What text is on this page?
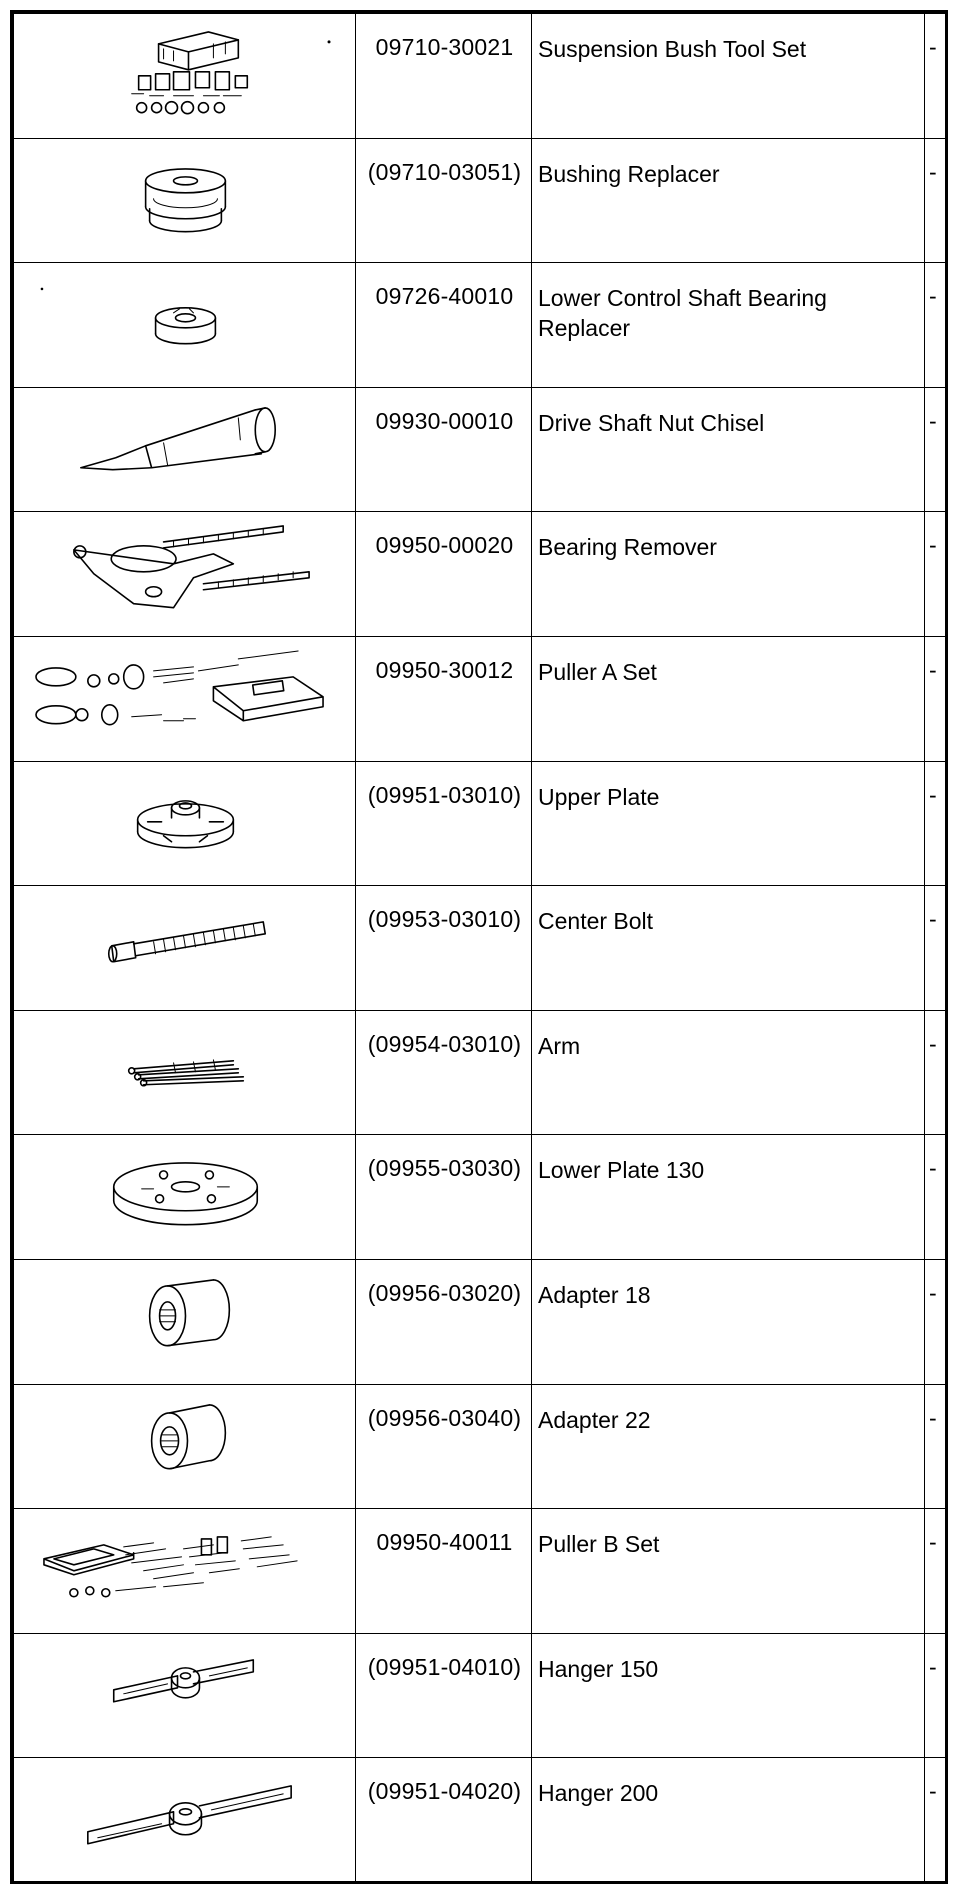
	09710-30021	Suspension Bush Tool Set	-

	(09710-03051)	Bushing Replacer	-

	09726-40010	Lower Control Shaft Bearing Replacer	-

	09930-00010	Drive Shaft Nut Chisel	-

	09950-00020	Bearing Remover	-

	09950-30012	Puller A Set	-

	(09951-03010)	Upper Plate	-

	(09953-03010)	Center Bolt	-

	(09954-03010)	Arm	-

	(09955-03030)	Lower Plate 130	-

	(09956-03020)	Adapter 18	-

	(09956-03040)	Adapter 22	-

	09950-40011	Puller B Set	-

	(09951-04010)	Hanger 150	-

	(09951-04020)	Hanger 200	-
